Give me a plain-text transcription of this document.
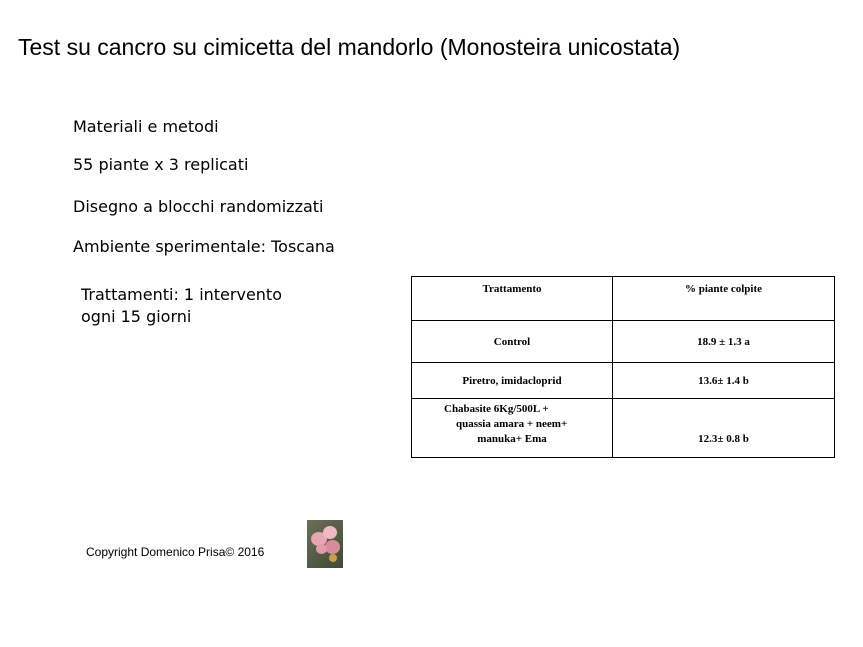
Test su cancro su cimicetta del mandorlo (Monosteira unicostata)
Materiali e metodi
55 piante x 3 replicati
Disegno a blocchi randomizzati
Ambiente sperimentale: Toscana
Trattamenti: 1 intervento
ogni 15 giorni
Trattamento	% piante colpite
Control	18.9 ± 1.3 a
Piretro, imidacloprid	13.6± 1.4 b

Chabasite 6Kg/500L +
quassia amara + neem+
manuka+ Ema	12.3± 0.8 b
Copyright Domenico Prisa© 2016
